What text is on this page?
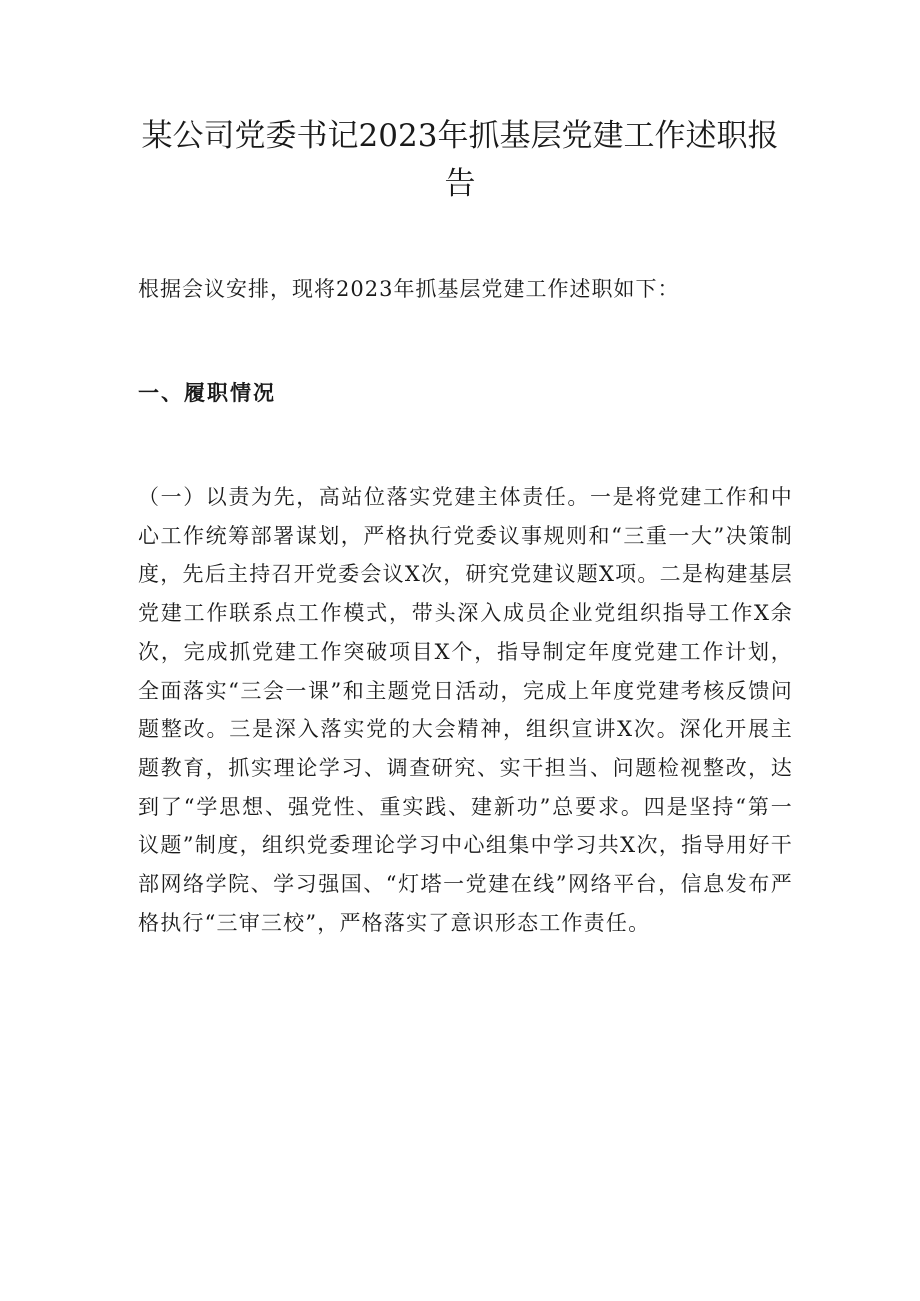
某公司党委书记2023年抓基层党建工作述职报告

根据会议安排，现将2023年抓基层党建工作述职如下：

一、履职情况

（一）以责为先，高站位落实党建主体责任。一是将党建工作和中心工作统筹部署谋划，严格执行党委议事规则和“三重一大”决策制度，先后主持召开党委会议X次，研究党建议题X项。二是构建基层党建工作联系点工作模式，带头深入成员企业党组织指导工作X余次，完成抓党建工作突破项目X个，指导制定年度党建工作计划，全面落实“三会一课”和主题党日活动，完成上年度党建考核反馈问题整改。三是深入落实党的大会精神，组织宣讲X次。深化开展主题教育，抓实理论学习、调查研究、实干担当、问题检视整改，达到了“学思想、强党性、重实践、建新功”总要求。四是坚持“第一议题”制度，组织党委理论学习中心组集中学习共X次，指导用好干部网络学院、学习强国、“灯塔一党建在线”网络平台，信息发布严格执行“三审三校”，严格落实了意识形态工作责任。
